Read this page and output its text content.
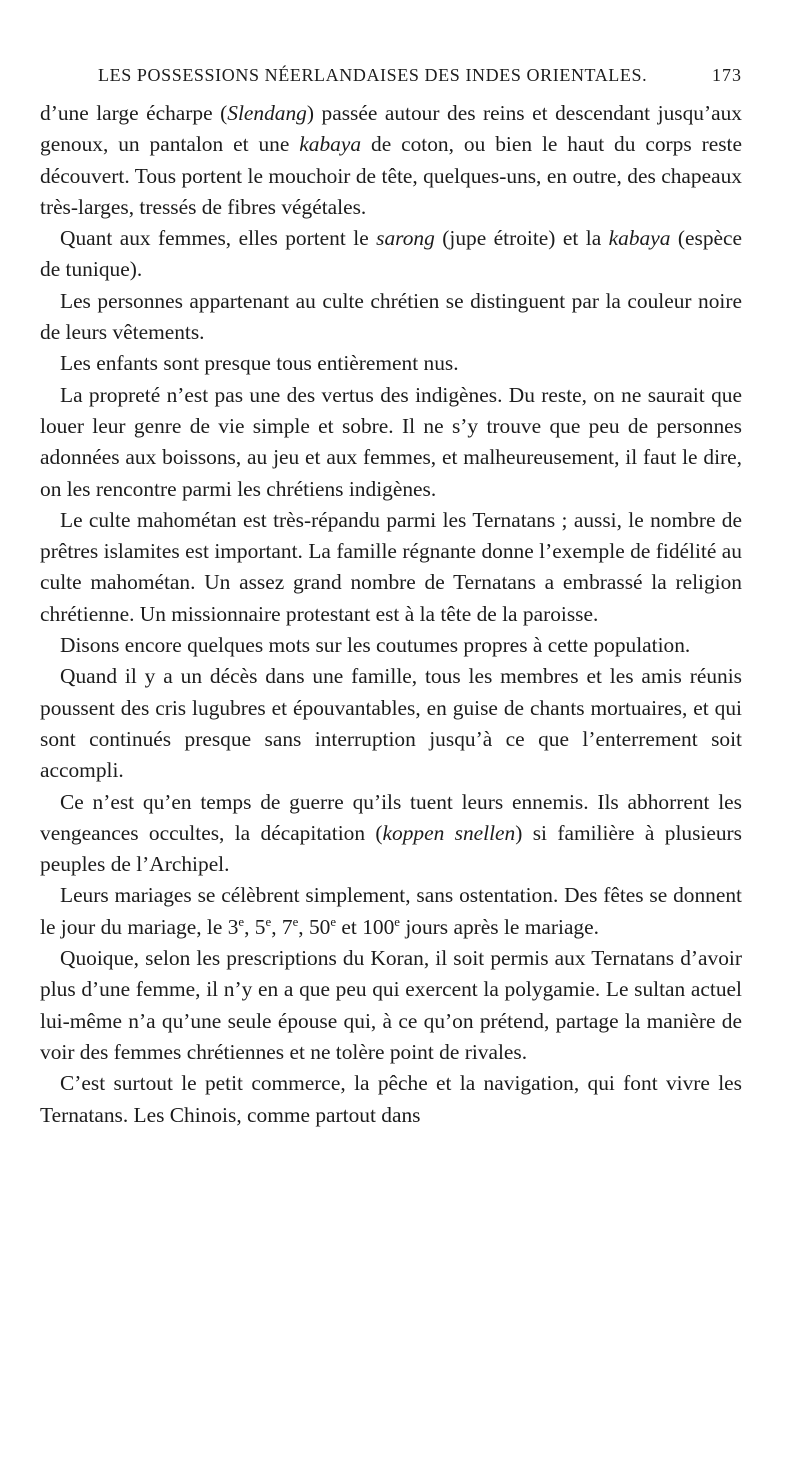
LES POSSESSIONS NÉERLANDAISES DES INDES ORIENTALES.	173

d’une large écharpe (Slendang) passée autour des reins et descendant jusqu’aux genoux, un pantalon et une kabaya de coton, ou bien le haut du corps reste découvert. Tous portent le mouchoir de tête, quelques-uns, en outre, des chapeaux très-larges, tressés de fibres végétales.

Quant aux femmes, elles portent le sarong (jupe étroite) et la kabaya (espèce de tunique).

Les personnes appartenant au culte chrétien se distinguent par la couleur noire de leurs vêtements.

Les enfants sont presque tous entièrement nus.

La propreté n’est pas une des vertus des indigènes. Du reste, on ne saurait que louer leur genre de vie simple et sobre. Il ne s’y trouve que peu de personnes adonnées aux boissons, au jeu et aux femmes, et malheureusement, il faut le dire, on les rencontre parmi les chrétiens indigènes.

Le culte mahométan est très-répandu parmi les Ternatans ; aussi, le nombre de prêtres islamites est important. La famille régnante donne l’exemple de fidélité au culte mahométan. Un assez grand nombre de Ternatans a embrassé la religion chrétienne. Un missionnaire protestant est à la tête de la paroisse.

Disons encore quelques mots sur les coutumes propres à cette population.

Quand il y a un décès dans une famille, tous les membres et les amis réunis poussent des cris lugubres et épouvantables, en guise de chants mortuaires, et qui sont continués presque sans interruption jusqu’à ce que l’enterrement soit accompli.

Ce n’est qu’en temps de guerre qu’ils tuent leurs ennemis. Ils abhorrent les vengeances occultes, la décapitation (koppen snellen) si familière à plusieurs peuples de l’Archipel.

Leurs mariages se célèbrent simplement, sans ostentation. Des fêtes se donnent le jour du mariage, le 3e, 5e, 7e, 50e et 100e jours après le mariage.

Quoique, selon les prescriptions du Koran, il soit permis aux Ternatans d’avoir plus d’une femme, il n’y en a que peu qui exercent la polygamie. Le sultan actuel lui-même n’a qu’une seule épouse qui, à ce qu’on prétend, partage la manière de voir des femmes chrétiennes et ne tolère point de rivales.

C’est surtout le petit commerce, la pêche et la navigation, qui font vivre les Ternatans. Les Chinois, comme partout dans
